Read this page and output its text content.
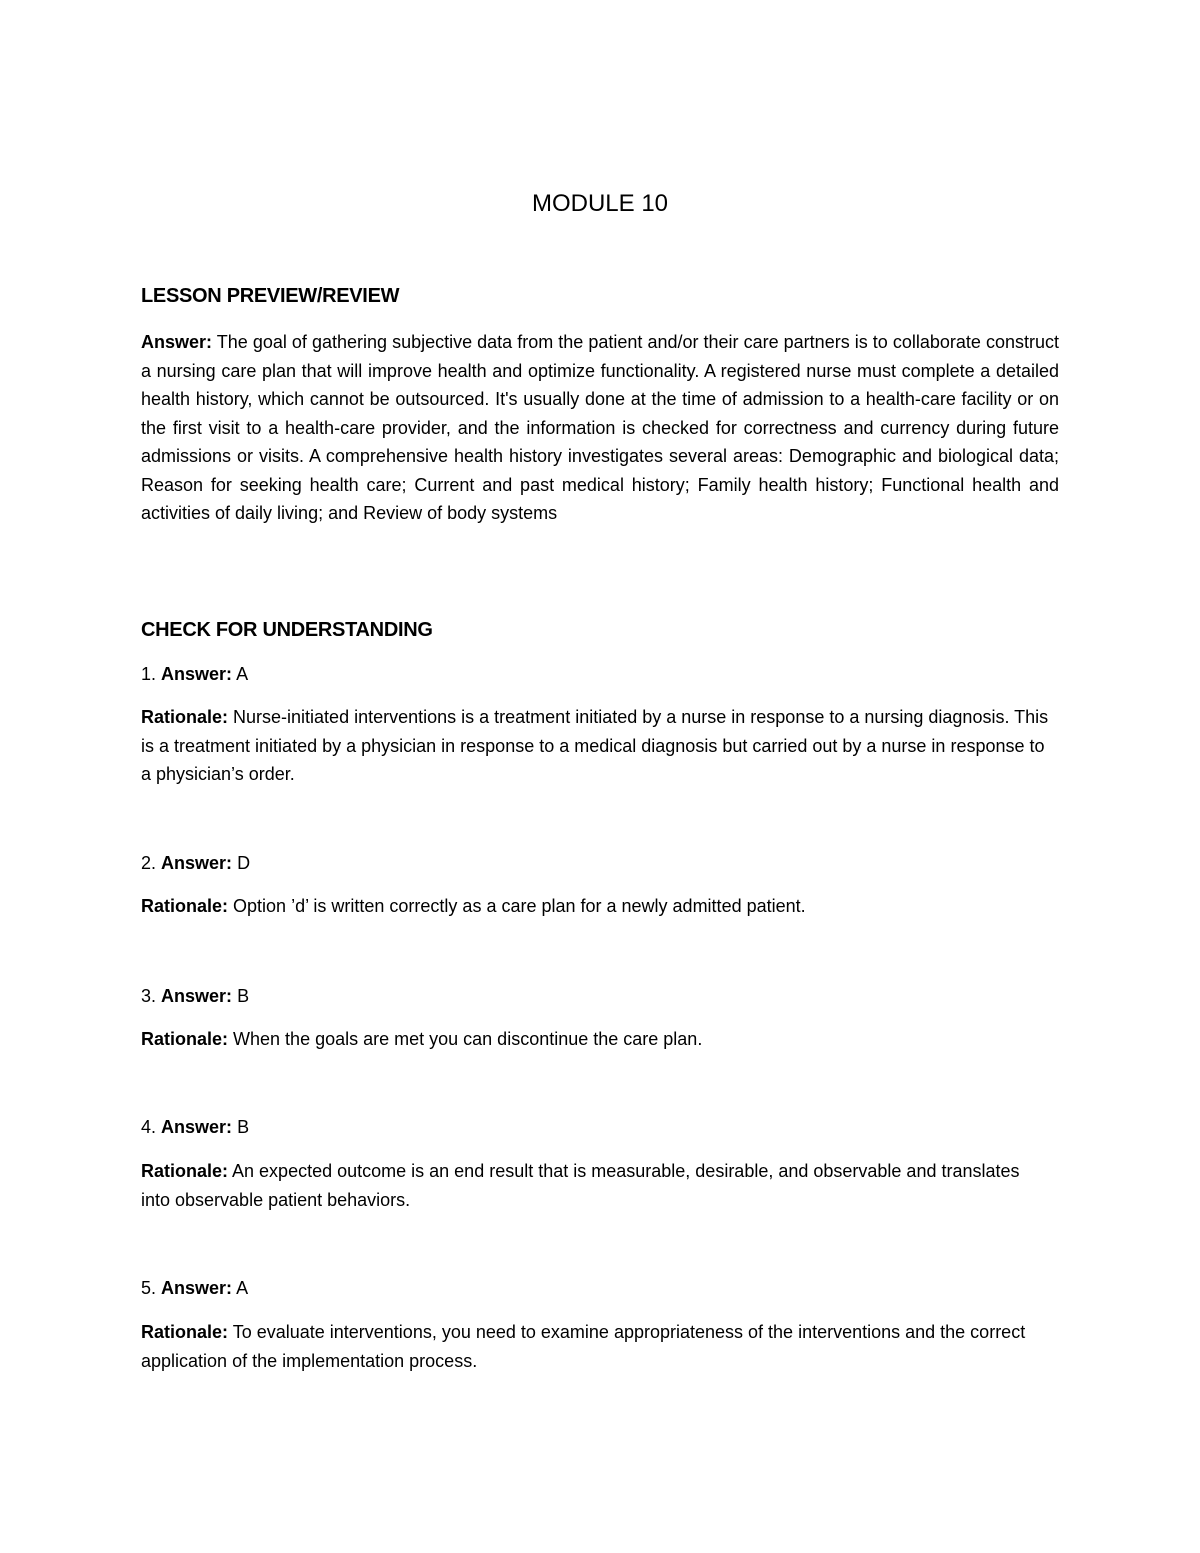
MODULE 10
LESSON PREVIEW/REVIEW

Answer: The goal of gathering subjective data from the patient and/or their care partners is to collaborate construct a nursing care plan that will improve health and optimize functionality. A registered nurse must complete a detailed health history, which cannot be outsourced. It's usually done at the time of admission to a health-care facility or on the first visit to a health-care provider, and the information is checked for correctness and currency during future admissions or visits. A comprehensive health history investigates several areas: Demographic and biological data; Reason for seeking health care; Current and past medical history; Family health history; Functional health and activities of daily living; and Review of body systems

CHECK FOR UNDERSTANDING
1. Answer: A

Rationale: Nurse-initiated interventions is a treatment initiated by a nurse in response to a nursing diagnosis. This is a treatment initiated by a physician in response to a medical diagnosis but carried out by a nurse in response to a physician’s order.

2. Answer: D

Rationale: Option ’d’ is written correctly as a care plan for a newly admitted patient.

3. Answer: B

Rationale: When the goals are met you can discontinue the care plan.

4. Answer: B

Rationale: An expected outcome is an end result that is measurable, desirable, and observable and translates into observable patient behaviors.

5. Answer: A

Rationale: To evaluate interventions, you need to examine appropriateness of the interventions and the correct application of the implementation process.
